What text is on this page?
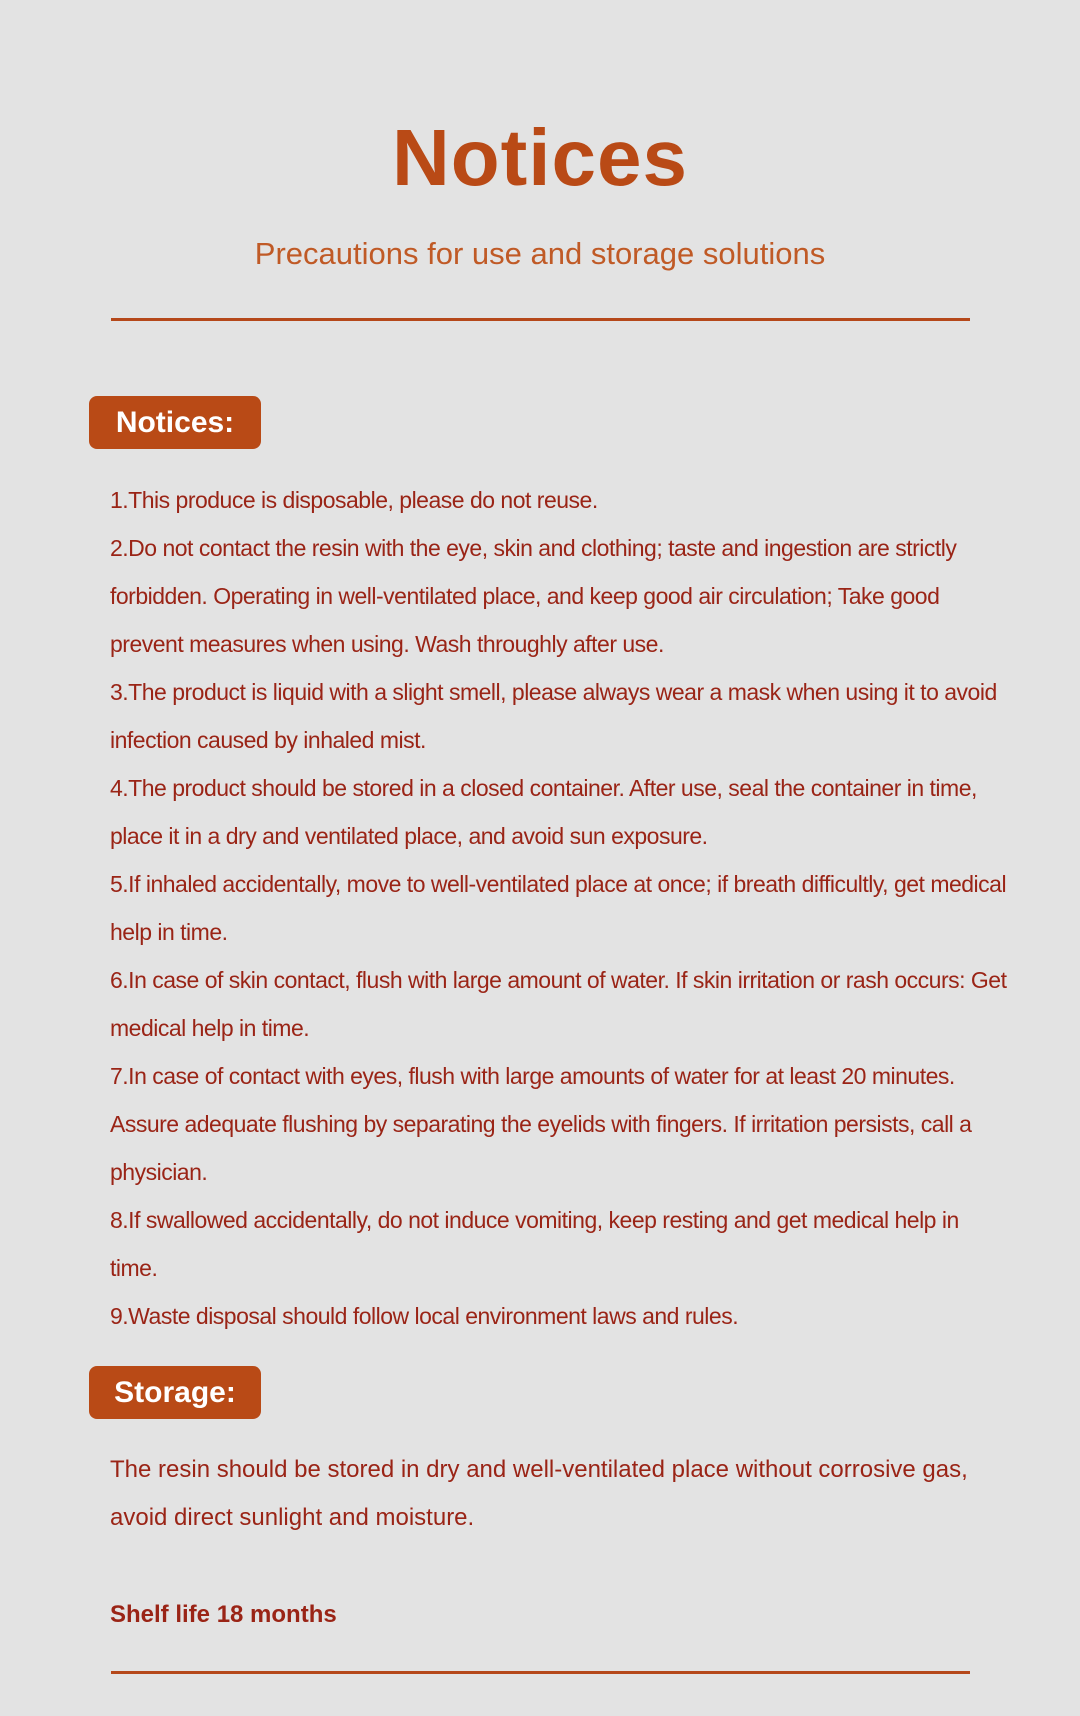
Notices

Precautions for use and storage solutions

Notices:
1.This produce is disposable, please do not reuse.
2.Do not contact the resin with the eye, skin and clothing; taste and ingestion are strictly forbidden. Operating in well-ventilated place, and keep good air circulation; Take good prevent measures when using. Wash throughly after use.
3.The product is liquid with a slight smell, please always wear a mask when using it to avoid infection caused by inhaled mist.
4.The product should be stored in a closed container. After use, seal the container in time, place it in a dry and ventilated place, and avoid sun exposure.
5.If inhaled accidentally, move to well-ventilated place at once; if breath difficultly, get medical help in time.
6.In case of skin contact, flush with large amount of water. If skin irritation or rash occurs: Get medical help in time.
7.In case of contact with eyes, flush with large amounts of water for at least 20 minutes. Assure adequate flushing by separating the eyelids with fingers. If irritation persists, call a physician.
8.If swallowed accidentally, do not induce vomiting, keep resting and get medical help in time.
9.Waste disposal should follow local environment laws and rules.
Storage:

The resin should be stored in dry and well-ventilated place without corrosive gas, avoid direct sunlight and moisture.

Shelf life 18 months
